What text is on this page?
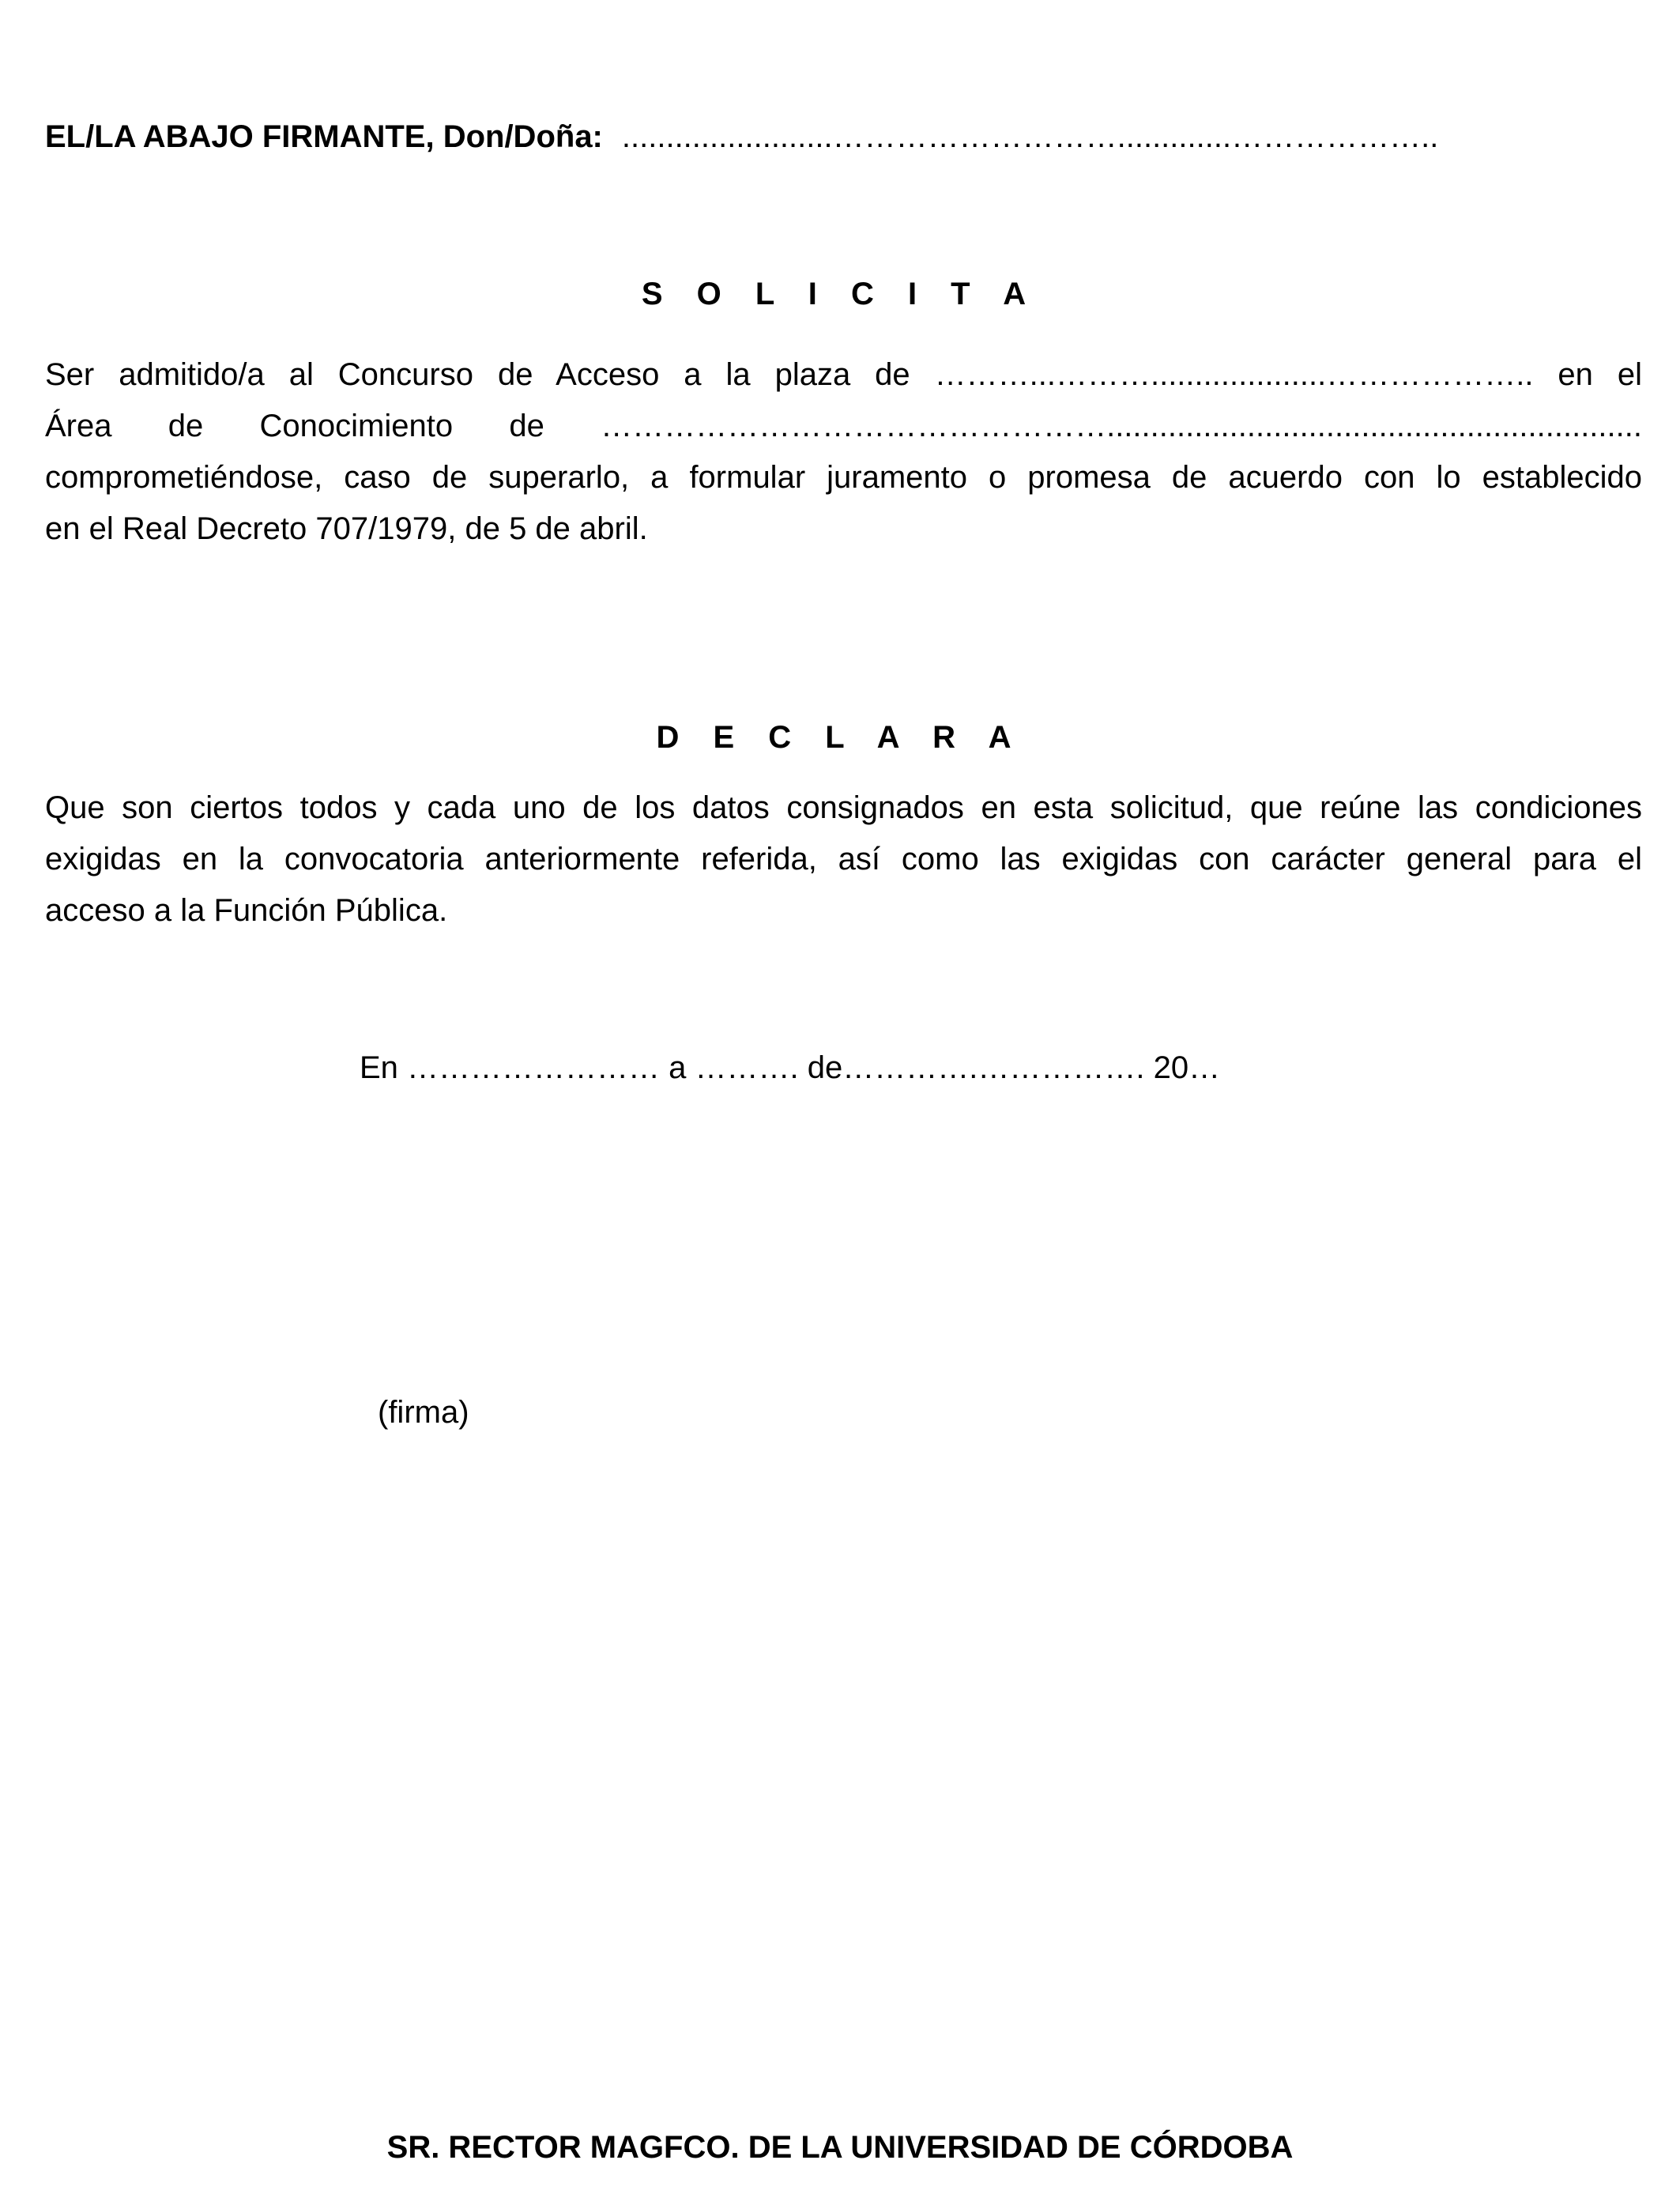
EL/LA ABAJO FIRMANTE, Don/Doña: ........................……………………….............………………..
S O L I C I T A
Ser admitido/a al Concurso de Acceso a la plaza de ………...………....................……………….. en el
Área de Conocimiento de ………………………………………….............................................................
comprometiéndose, caso de superarlo, a formular juramento o promesa de acuerdo con lo establecido
en el Real Decreto 707/1979, de 5 de abril.
D E C L A R A
Que son ciertos todos y cada uno de los datos consignados en esta solicitud, que reúne las condiciones
exigidas en la convocatoria anteriormente referida, así como las exigidas con carácter general para el
acceso a la Función Pública.
En …………………… a ………. de………….……………. 20…
(firma)
SR. RECTOR MAGFCO. DE LA UNIVERSIDAD DE CÓRDOBA
